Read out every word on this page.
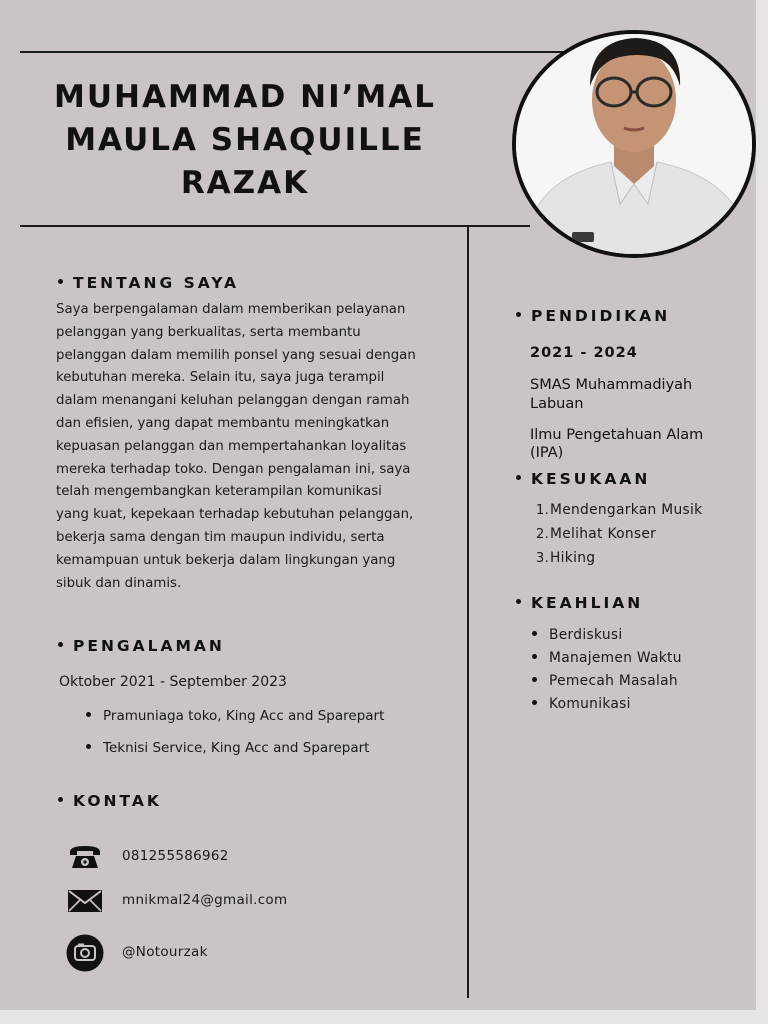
MUHAMMAD NI’MAL
MAULA SHAQUILLE
RAZAK
TENTANG SAYA
Saya berpengalaman dalam memberikan pelayanan
pelanggan yang berkualitas, serta membantu
pelanggan dalam memilih ponsel yang sesuai dengan
kebutuhan mereka. Selain itu, saya juga terampil
dalam menangani keluhan pelanggan dengan ramah
dan efisien, yang dapat membantu meningkatkan
kepuasan pelanggan dan mempertahankan loyalitas
mereka terhadap toko. Dengan pengalaman ini, saya
telah mengembangkan keterampilan komunikasi
yang kuat, kepekaan terhadap kebutuhan pelanggan,
bekerja sama dengan tim maupun individu, serta
kemampuan untuk bekerja dalam lingkungan yang
sibuk dan dinamis.
PENGALAMAN
Oktober 2021 - September 2023
Pramuniaga toko, King Acc and Sparepart
Teknisi Service, King Acc and Sparepart
KONTAK
081255586962
mnikmal24@gmail.com
@Notourzak
PENDIDIKAN
2021 - 2024
SMAS Muhammadiyah
Labuan
Ilmu Pengetahuan Alam
(IPA)
KESUKAAN
1.Mendengarkan Musik
2.Melihat Konser
3.Hiking
KEAHLIAN
Berdiskusi
Manajemen Waktu
Pemecah Masalah
Komunikasi
